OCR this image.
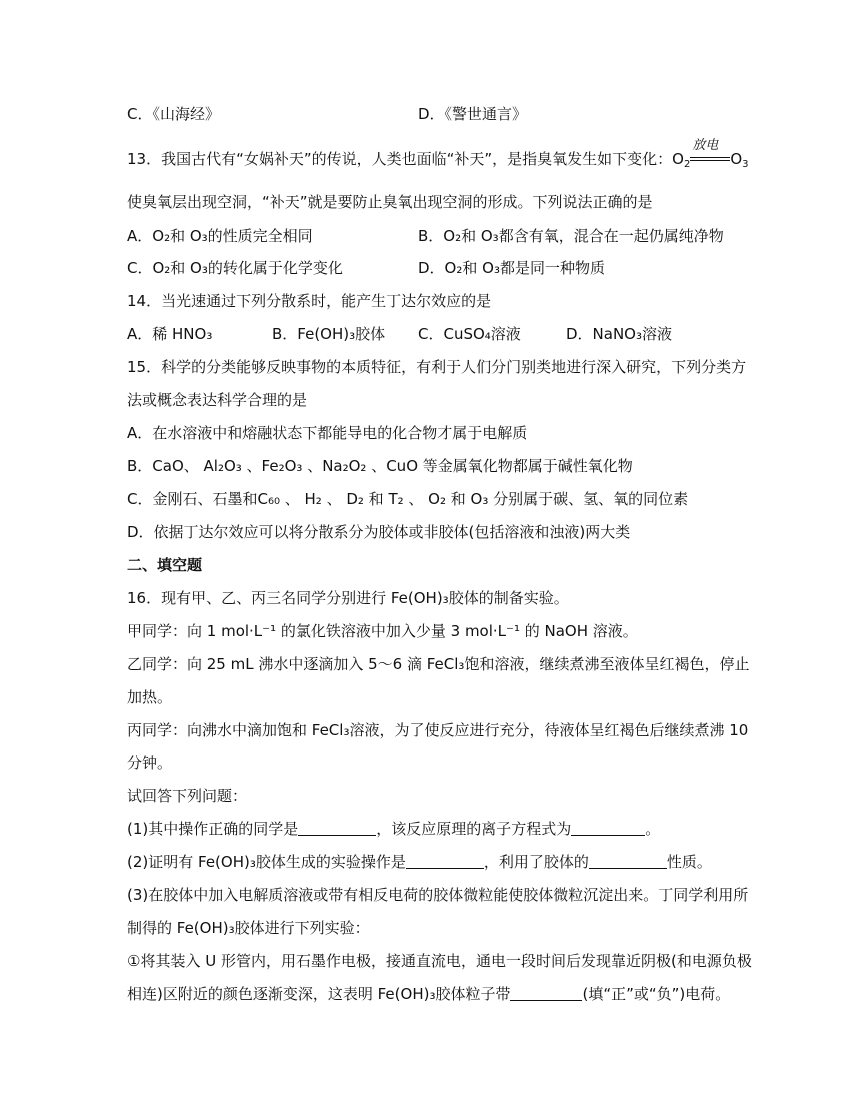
C．《山海经》	D．《警世通言》
13．我国古代有“女娲补天”的传说，人类也面临“补天”，是指臭氧发生如下变化：$O_2$
放电
$O_3$
使臭氧层出现空洞，“补天”就是要防止臭氧出现空洞的形成。下列说法正确的是
A．O₂和 O₃的性质完全相同	B．O₂和 O₃都含有氧，混合在一起仍属纯净物
C．O₂和 O₃的转化属于化学变化	D．O₂和 O₃都是同一种物质
14．当光速通过下列分散系时，能产生丁达尔效应的是
A．稀 HNO₃	B．Fe(OH)₃胶体 C．CuSO₄溶液	D．NaNO₃溶液
15．科学的分类能够反映事物的本质特征，有利于人们分门别类地进行深入研究，下列分类方
法或概念表达科学合理的是
A．在水溶液中和熔融状态下都能导电的化合物才属于电解质
B．CaO、 Al₂O₃ 、Fe₂O₃ 、Na₂O₂ 、CuO 等金属氧化物都属于碱性氧化物
C．金刚石、石墨和C₆₀ 、 H₂ 、 D₂ 和 T₂ 、 O₂ 和 O₃ 分别属于碳、氢、氧的同位素
D．依据丁达尔效应可以将分散系分为胶体或非胶体(包括溶液和浊液)两大类
二、填空题
16．现有甲、乙、丙三名同学分别进行 Fe(OH)₃胶体的制备实验。
甲同学：向 1 mol·L⁻¹ 的氯化铁溶液中加入少量 3 mol·L⁻¹ 的 NaOH 溶液。
乙同学：向 25 mL 沸水中逐滴加入 5～6 滴 FeCl₃饱和溶液，继续煮沸至液体呈红褐色，停止
加热。
丙同学：向沸水中滴加饱和 FeCl₃溶液，为了使反应进行充分，待液体呈红褐色后继续煮沸 10
分钟。
试回答下列问题：
(1)其中操作正确的同学是	，该反应原理的离子方程式为	。
(2)证明有 Fe(OH)₃胶体生成的实验操作是	，利用了胶体的	性质。
(3)在胶体中加入电解质溶液或带有相反电荷的胶体微粒能使胶体微粒沉淀出来。丁同学利用所
制得的 Fe(OH)₃胶体进行下列实验：
①将其装入 U 形管内，用石墨作电极，接通直流电，通电一段时间后发现靠近阴极(和电源负极
相连)区附近的颜色逐渐变深，这表明 Fe(OH)₃胶体粒子带	(填“正”或“负”)电荷。
